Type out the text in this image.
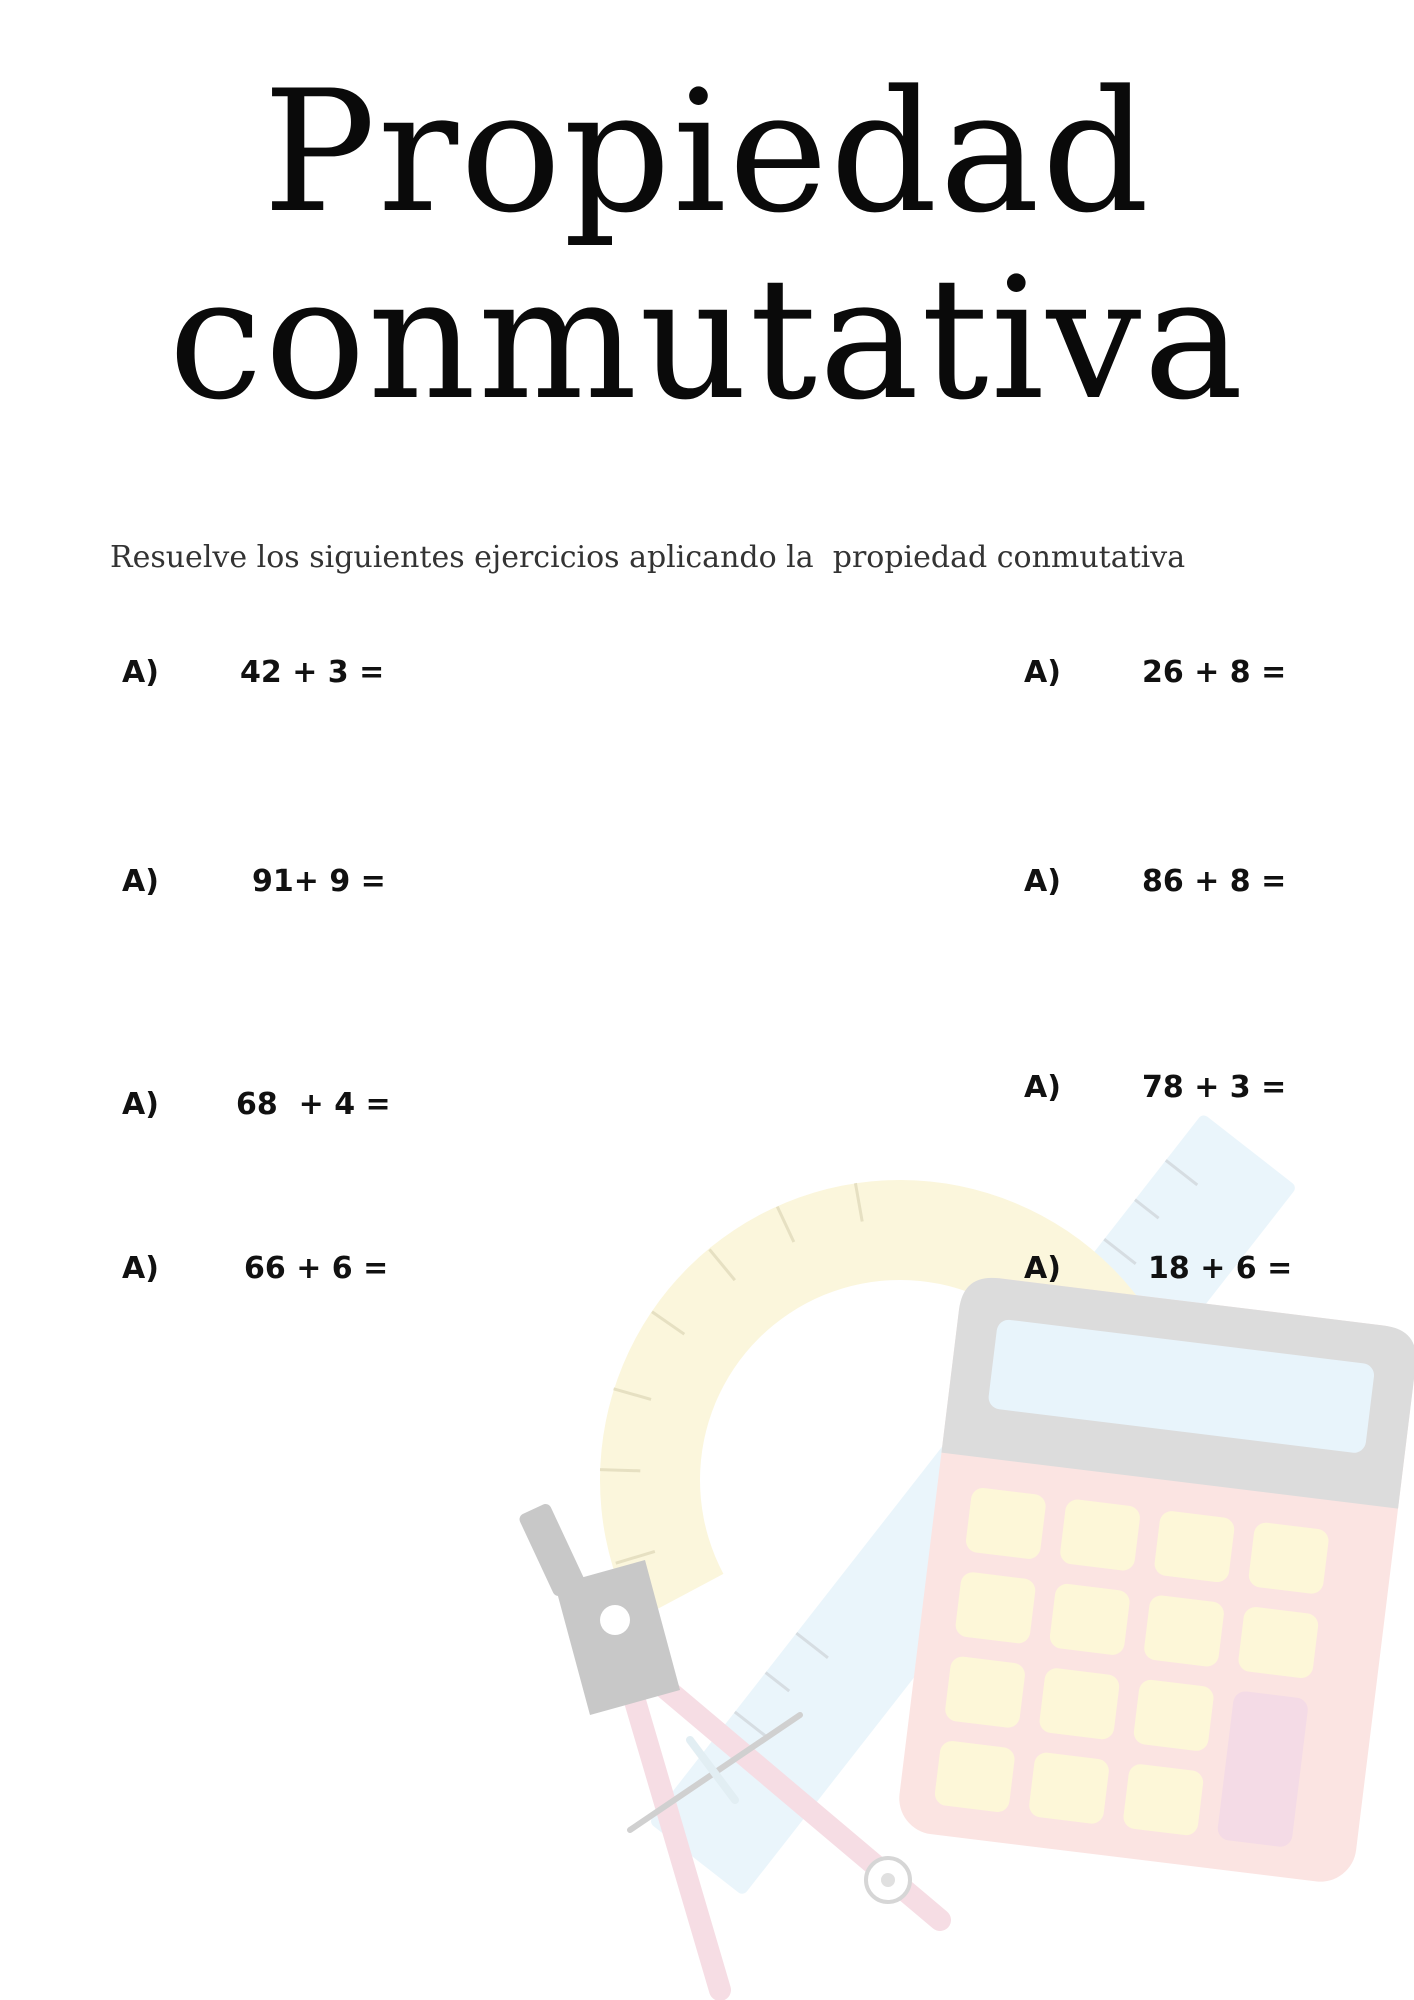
Propiedad
conmutativa
Resuelve los siguientes ejercicios aplicando la  propiedad conmutativa

A)

	42 + 3 =

A)

	91+ 9 =

A)

	68  + 4 =

A)

	66 + 6 =

A)

	26 + 8 =

A)

	86 + 8 =

A)

	78 + 3 =

A)

	18 + 6 =
